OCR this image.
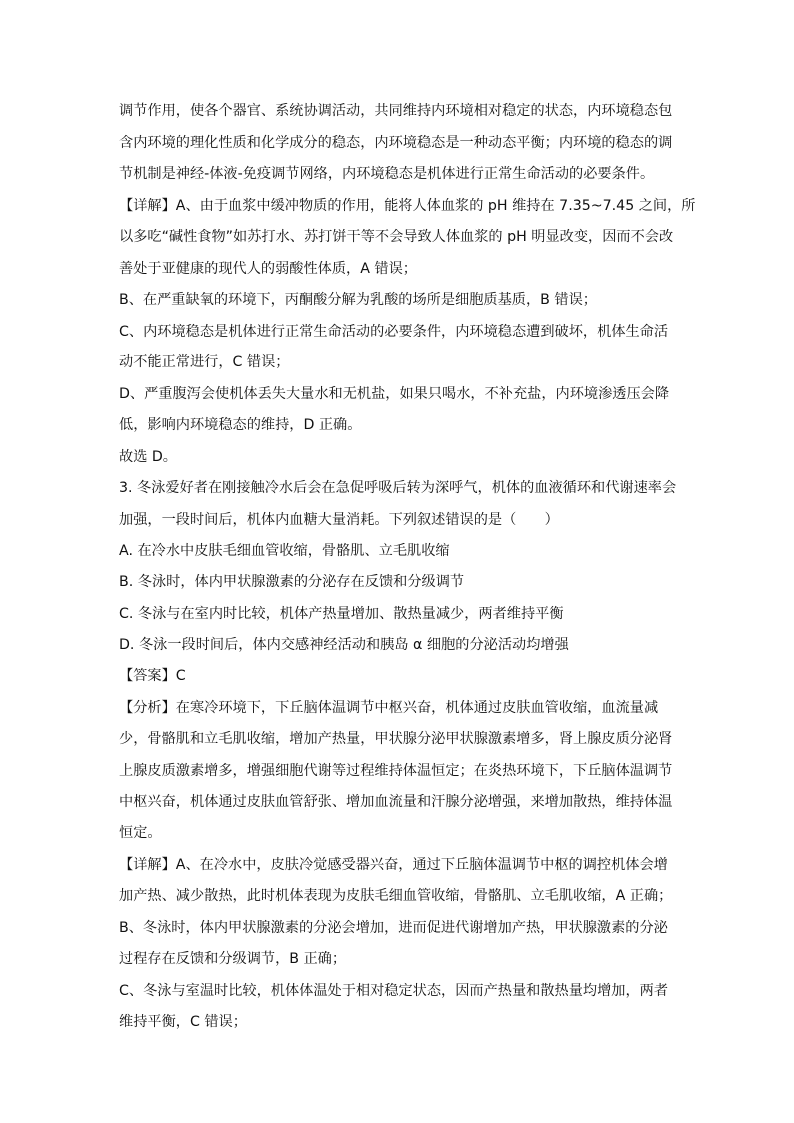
调节作用，使各个器官、系统协调活动，共同维持内环境相对稳定的状态，内环境稳态包
含内环境的理化性质和化学成分的稳态，内环境稳态是一种动态平衡；内环境的稳态的调
节机制是神经-体液-免疫调节网络，内环境稳态是机体进行正常生命活动的必要条件。
【详解】A、由于血浆中缓冲物质的作用，能将人体血浆的 pH 维持在 7.35~7.45 之间，所
以多吃“碱性食物”如苏打水、苏打饼干等不会导致人体血浆的 pH 明显改变，因而不会改
善处于亚健康的现代人的弱酸性体质，A 错误；
B、在严重缺氧的环境下，丙酮酸分解为乳酸的场所是细胞质基质，B 错误；
C、内环境稳态是机体进行正常生命活动的必要条件，内环境稳态遭到破坏，机体生命活
动不能正常进行，C 错误；
D、严重腹泻会使机体丢失大量水和无机盐，如果只喝水，不补充盐，内环境渗透压会降
低，影响内环境稳态的维持，D 正确。
故选 D。
3. 冬泳爱好者在刚接触冷水后会在急促呼吸后转为深呼气，机体的血液循环和代谢速率会
加强，一段时间后，机体内血糖大量消耗。下列叙述错误的是（　　）
A. 在冷水中皮肤毛细血管收缩，骨骼肌、立毛肌收缩
B. 冬泳时，体内甲状腺激素的分泌存在反馈和分级调节
C. 冬泳与在室内时比较，机体产热量增加、散热量减少，两者维持平衡
D. 冬泳一段时间后，体内交感神经活动和胰岛 α 细胞的分泌活动均增强
【答案】C
【分析】在寒冷环境下，下丘脑体温调节中枢兴奋，机体通过皮肤血管收缩，血流量减
少，骨骼肌和立毛肌收缩，增加产热量，甲状腺分泌甲状腺激素增多，肾上腺皮质分泌肾
上腺皮质激素增多，增强细胞代谢等过程维持体温恒定；在炎热环境下，下丘脑体温调节
中枢兴奋，机体通过皮肤血管舒张、增加血流量和汗腺分泌增强，来增加散热，维持体温
恒定。
【详解】A、在冷水中，皮肤冷觉感受器兴奋，通过下丘脑体温调节中枢的调控机体会增
加产热、减少散热，此时机体表现为皮肤毛细血管收缩，骨骼肌、立毛肌收缩，A 正确；
B、冬泳时，体内甲状腺激素的分泌会增加，进而促进代谢增加产热，甲状腺激素的分泌
过程存在反馈和分级调节，B 正确；
C、冬泳与室温时比较，机体体温处于相对稳定状态，因而产热量和散热量均增加，两者
维持平衡，C 错误；
